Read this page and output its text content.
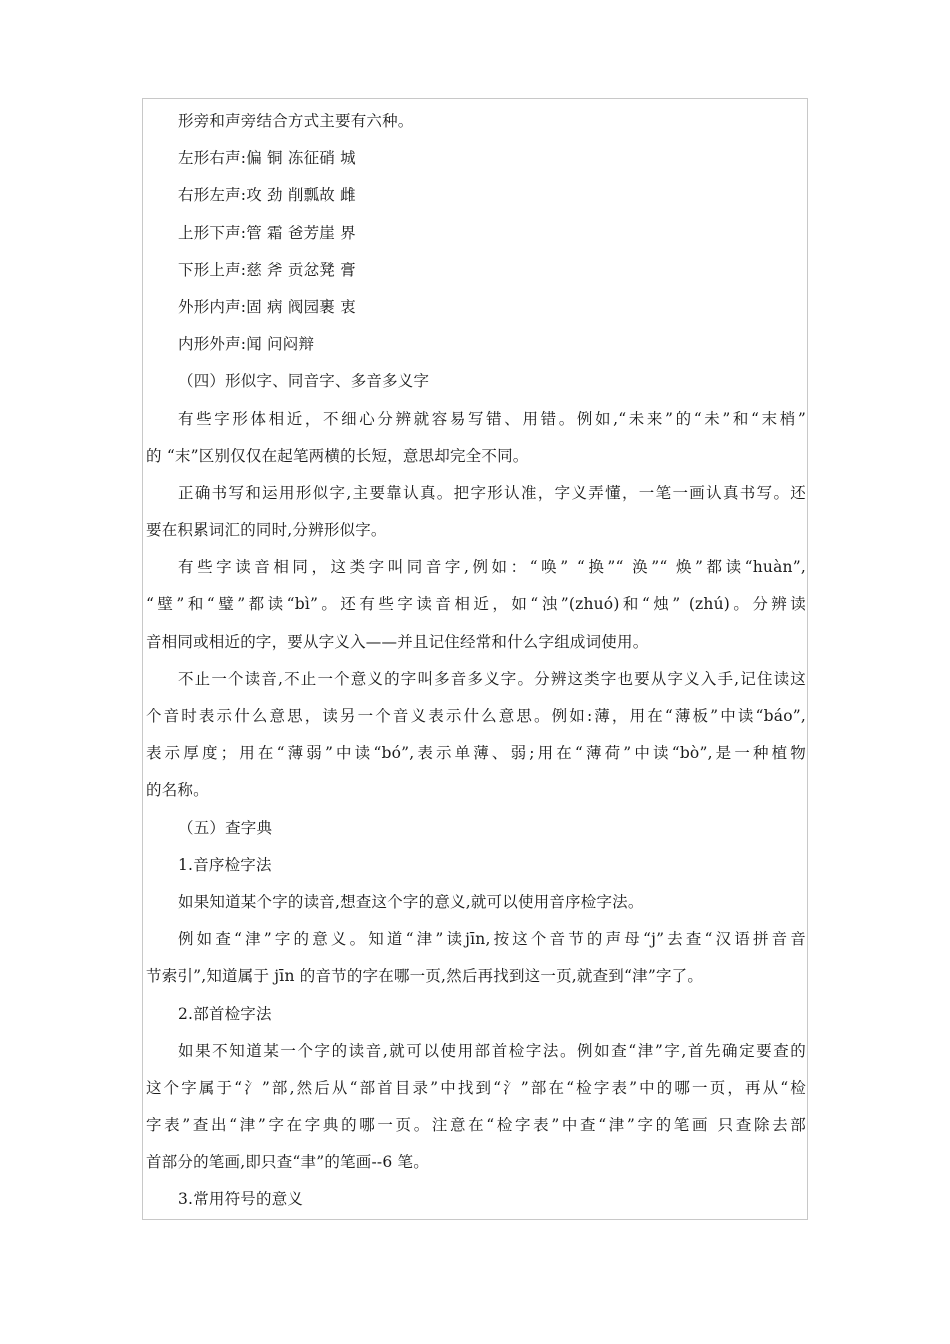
形旁和声旁结合方式主要有六种。
左形右声:偏 铜 冻征硝 城
右形左声:攻 劲 削瓢故 雌
上形下声:管 霜 爸芳崖 界
下形上声:慈 斧 贡忿凳 膏
外形内声:固 病 阀园裹 衷
内形外声:闻 问闷辩
（四）形似字、同音字、多音多义字
有些字形体相近，不细心分辨就容易写错、用错。例如,“未来”的“未”和“末梢”
的 “末”区别仅仅在起笔两横的长短，意思却完全不同。
正确书写和运用形似字,主要靠认真。把字形认准，字义弄懂，一笔一画认真书写。还
要在积累词汇的同时,分辨形似字。
有些字读音相同，这类字叫同音字,例如：“唤” “换”“ 涣”“ 焕”都读“huàn”,
“壁”和“璧”都读“bì”。还有些字读音相近，如“浊”(zhuó)和“烛” (zhú)。分辨读
音相同或相近的字，要从字义入——并且记住经常和什么字组成词使用。
不止一个读音,不止一个意义的字叫多音多义字。分辨这类字也要从字义入手,记住读这
个音时表示什么意思，读另一个音义表示什么意思。例如:薄，用在“薄板”中读“báo”,
表示厚度；用在“薄弱”中读“bó”,表示单薄、弱;用在“薄荷”中读“bò”,是一种植物
的名称。
（五）查字典
1.音序检字法
如果知道某个字的读音,想查这个字的意义,就可以使用音序检字法。
例如查“津”字的意义。知道“津”读jīn,按这个音节的声母“j”去查“汉语拼音音
节索引”,知道属于 jīn 的音节的字在哪一页,然后再找到这一页,就查到“津”字了。
2.部首检字法
如果不知道某一个字的读音,就可以使用部首检字法。例如查“津”字,首先确定要查的
这个字属于“氵”部,然后从“部首目录”中找到“氵”部在“检字表”中的哪一页，再从“检
字表”查出“津”字在字典的哪一页。注意在“检字表”中查“津”字的笔画 只查除去部
首部分的笔画,即只查“聿”的笔画--6 笔。
3.常用符号的意义
